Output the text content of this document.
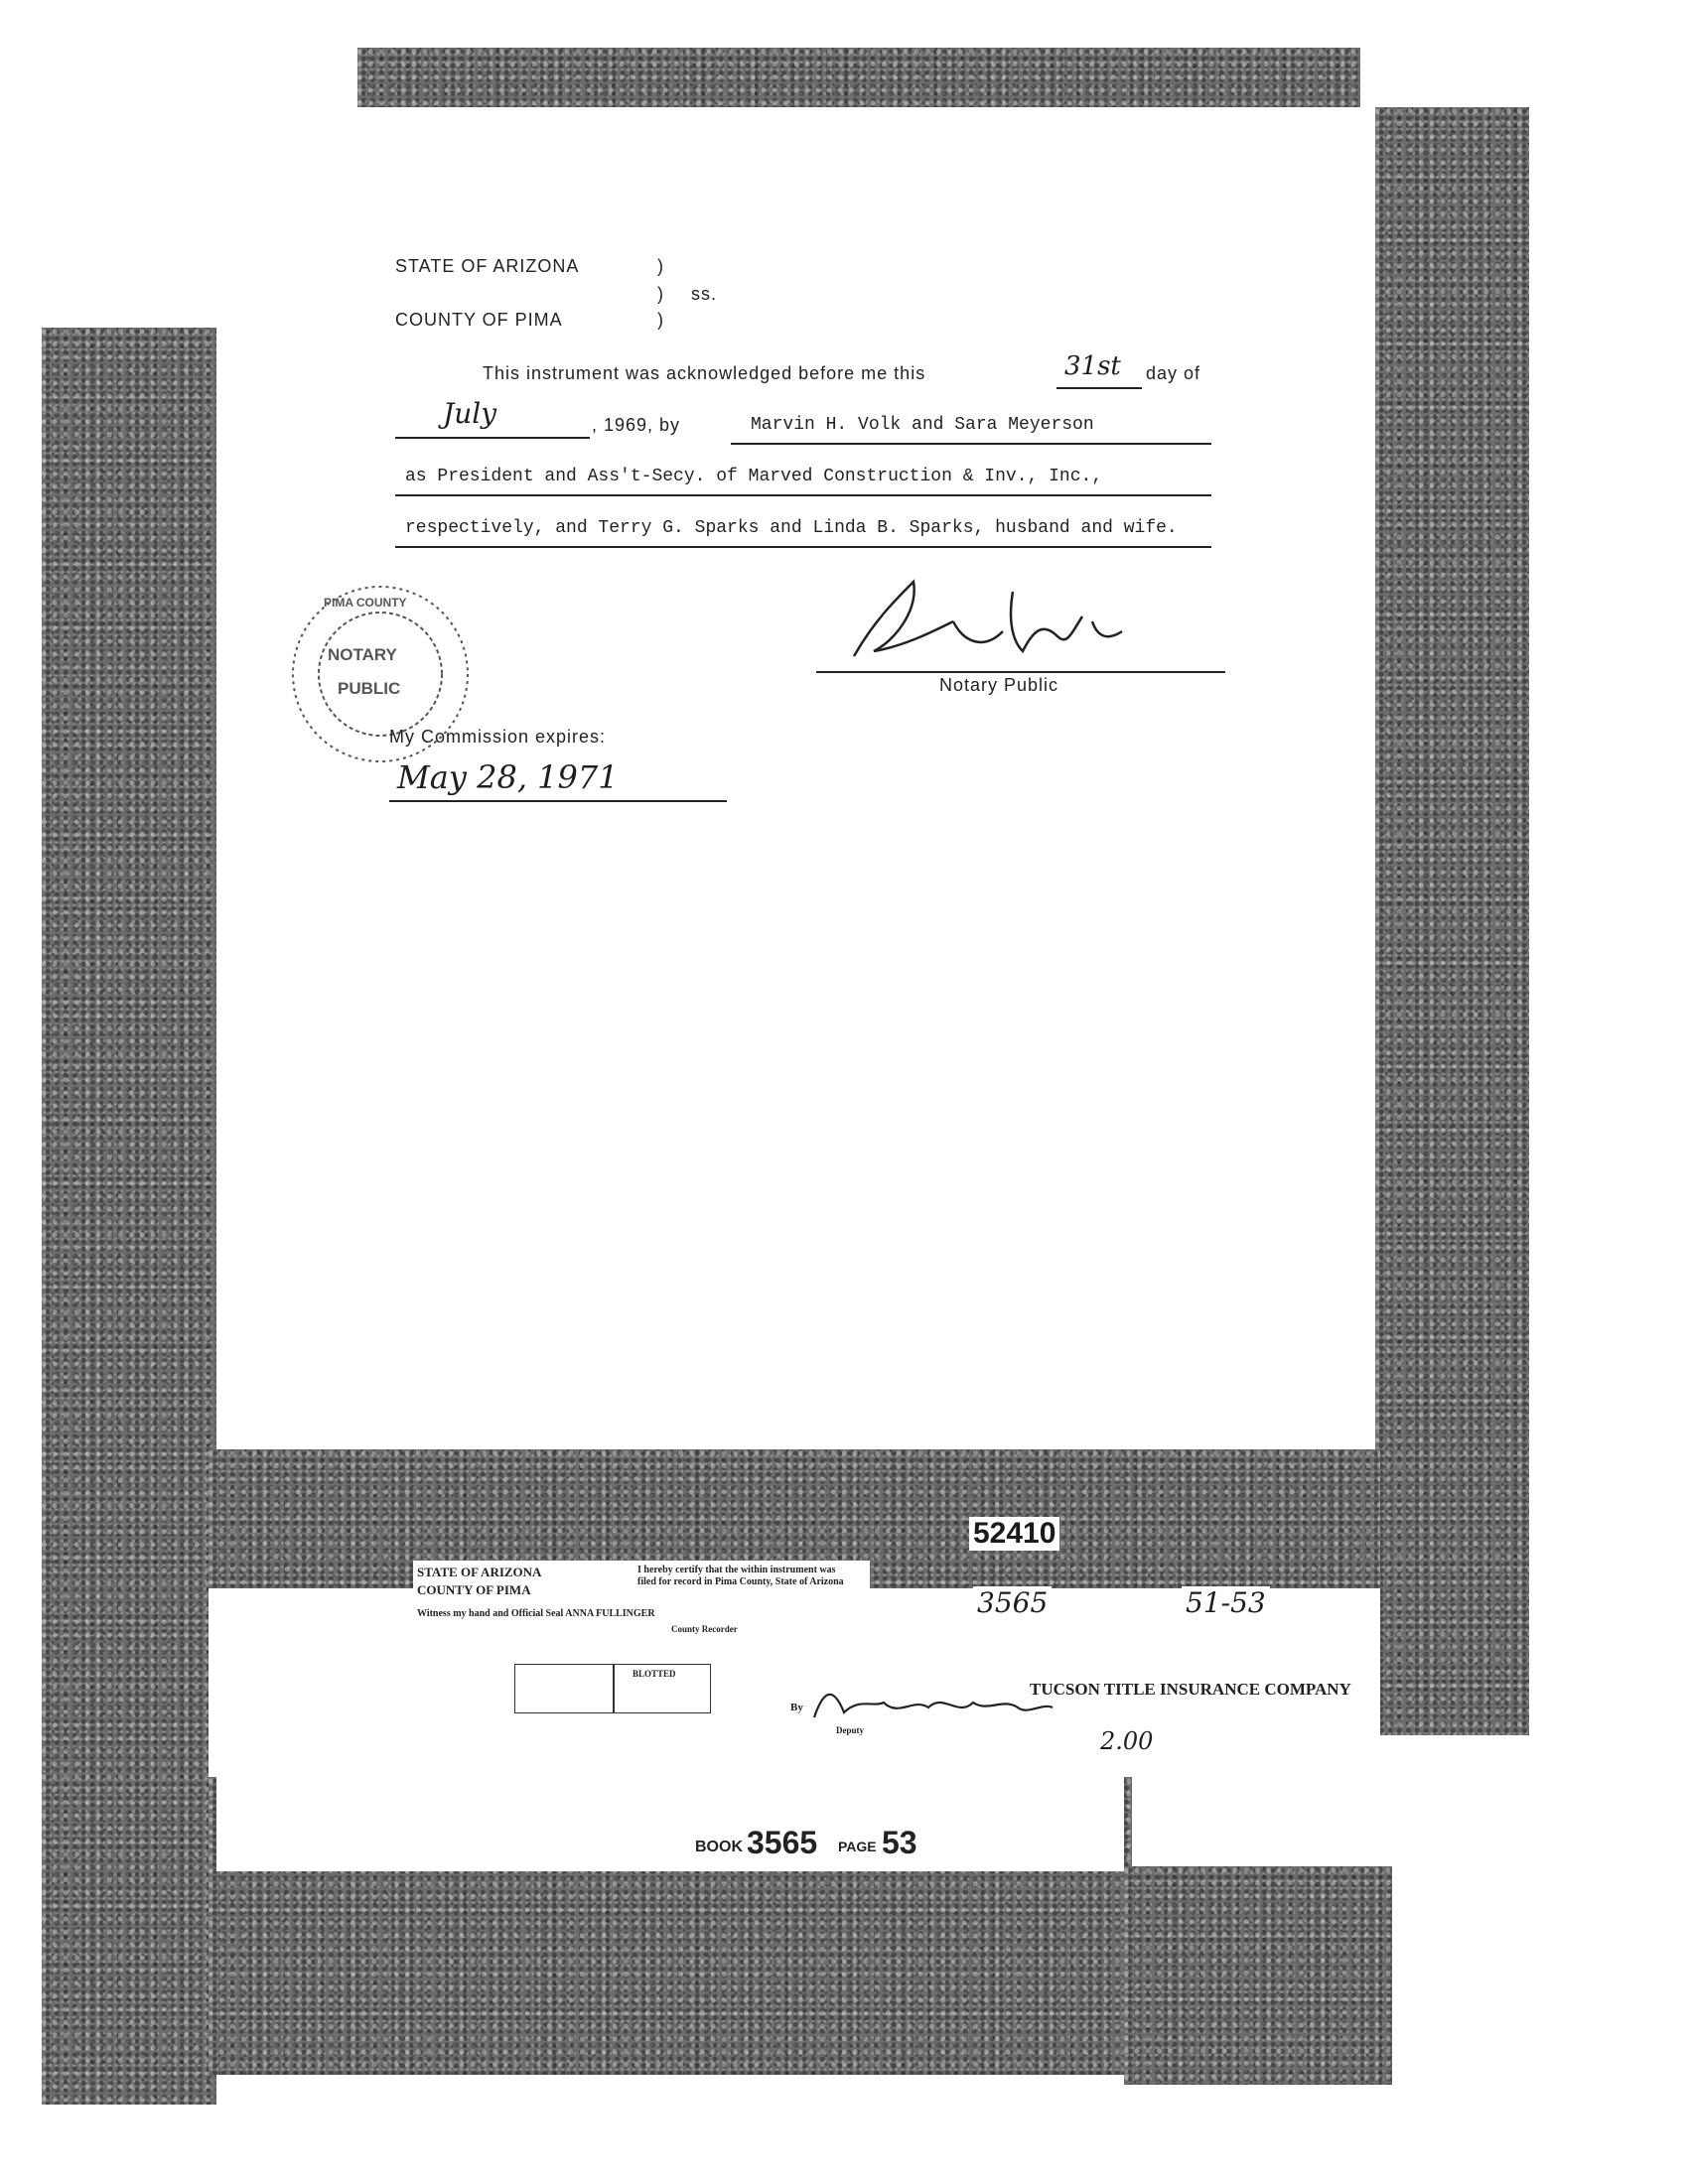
STATE OF ARIZONA	)
) ss.
COUNTY OF PIMA	)
This instrument was acknowledged before me this	31st day of
July	, 1969, by	Marvin H. Volk and Sara Meyerson
as President and Ass't-Secy. of Marved Construction & Inv., Inc.,
respectively, and Terry G. Sparks and Linda B. Sparks, husband and wife.
NOTARY
PUBLIC
PIMA COUNTY
Notary Public
My Commission expires:
May 28, 1971
52410
STATE OF ARIZONA
COUNTY OF PIMA
I hereby certify that the within instrument was filed for record in Pima County, State of Arizona
Witness my hand and Official Seal ANNA FULLINGER
County Recorder
3565	51-53
BLOTTED
TUCSON TITLE INSURANCE COMPANY
By
Deputy	2.00
BOOK 3565 PAGE 53
